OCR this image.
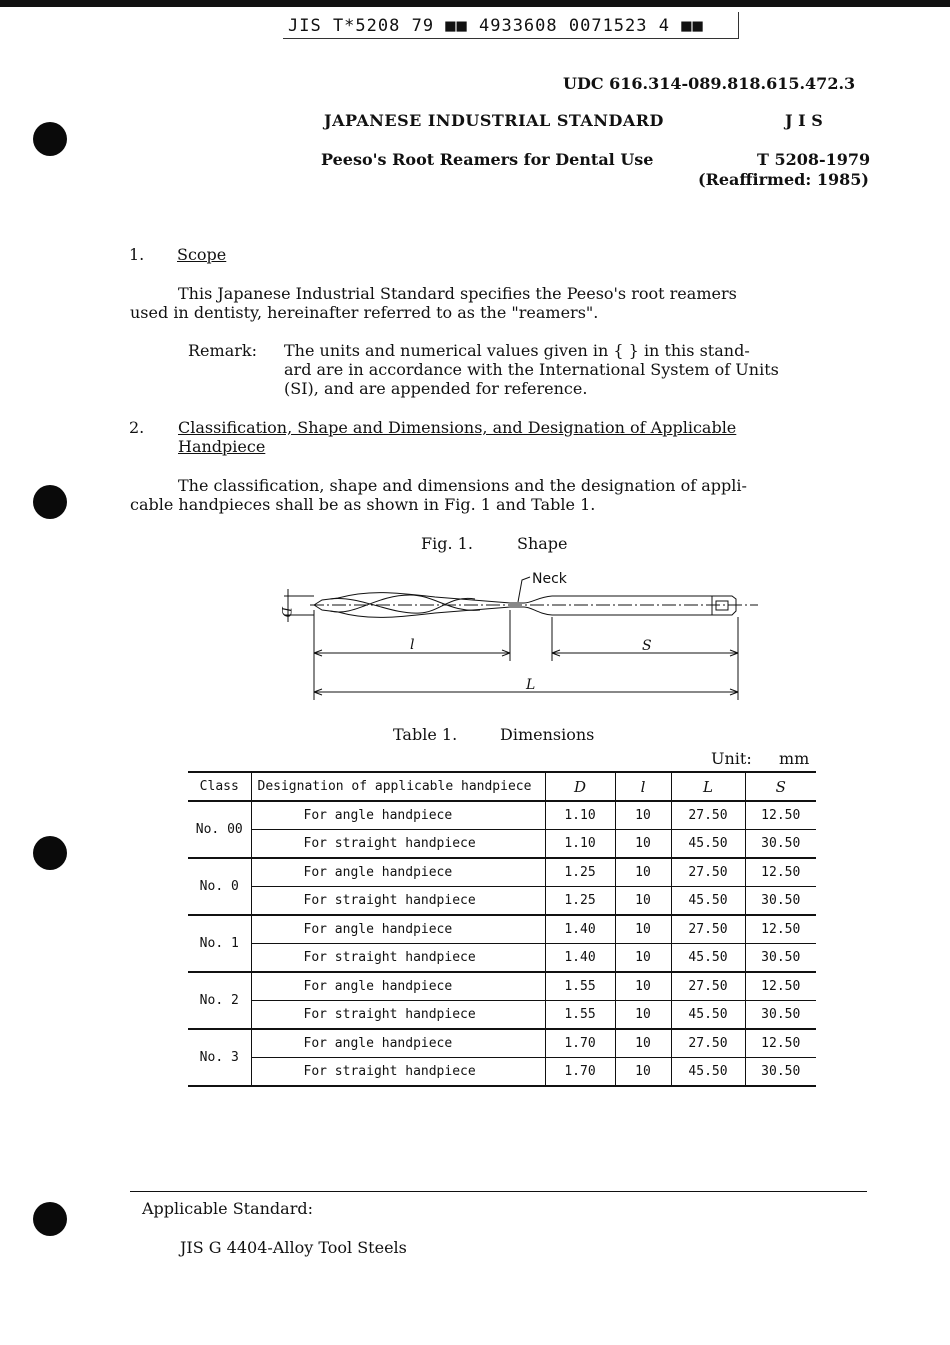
JIS T*5208 79 ■■ 4933608 0071523 4 ■■
UDC 616.314-089.818.615.472.3
JAPANESE INDUSTRIAL STANDARD	J I S
Peeso's Root Reamers for Dental Use	T 5208-1979
(Reaffirmed: 1985)
1. Scope
This Japanese Industrial Standard specifies the Peeso's root reamers
used in dentisty, hereinafter referred to as the "reamers".
Remark: The units and numerical values given in { } in this stand-
ard are in accordance with the International System of Units
(SI), and are appended for reference.
2. Classification, Shape and Dimensions, and Designation of Applicable
Handpiece
The classification, shape and dimensions and the designation of appli-
cable handpieces shall be as shown in Fig. 1 and Table 1.
Fig. 1.	Shape
Neck
D
l	S
L
Table 1.	Dimensions
Unit: mm
Class	Designation of applicable handpiece	D	l	L	S
No. 00	For angle handpiece	1.10	10	27.50	12.50
	For straight handpiece	1.10	10	45.50	30.50
No. 0	For angle handpiece	1.25	10	27.50	12.50
	For straight handpiece	1.25	10	45.50	30.50
No. 1	For angle handpiece	1.40	10	27.50	12.50
	For straight handpiece	1.40	10	45.50	30.50
No. 2	For angle handpiece	1.55	10	27.50	12.50
	For straight handpiece	1.55	10	45.50	30.50
No. 3	For angle handpiece	1.70	10	27.50	12.50
	For straight handpiece	1.70	10	45.50	30.50
Applicable Standard:
JIS G 4404-Alloy Tool Steels
